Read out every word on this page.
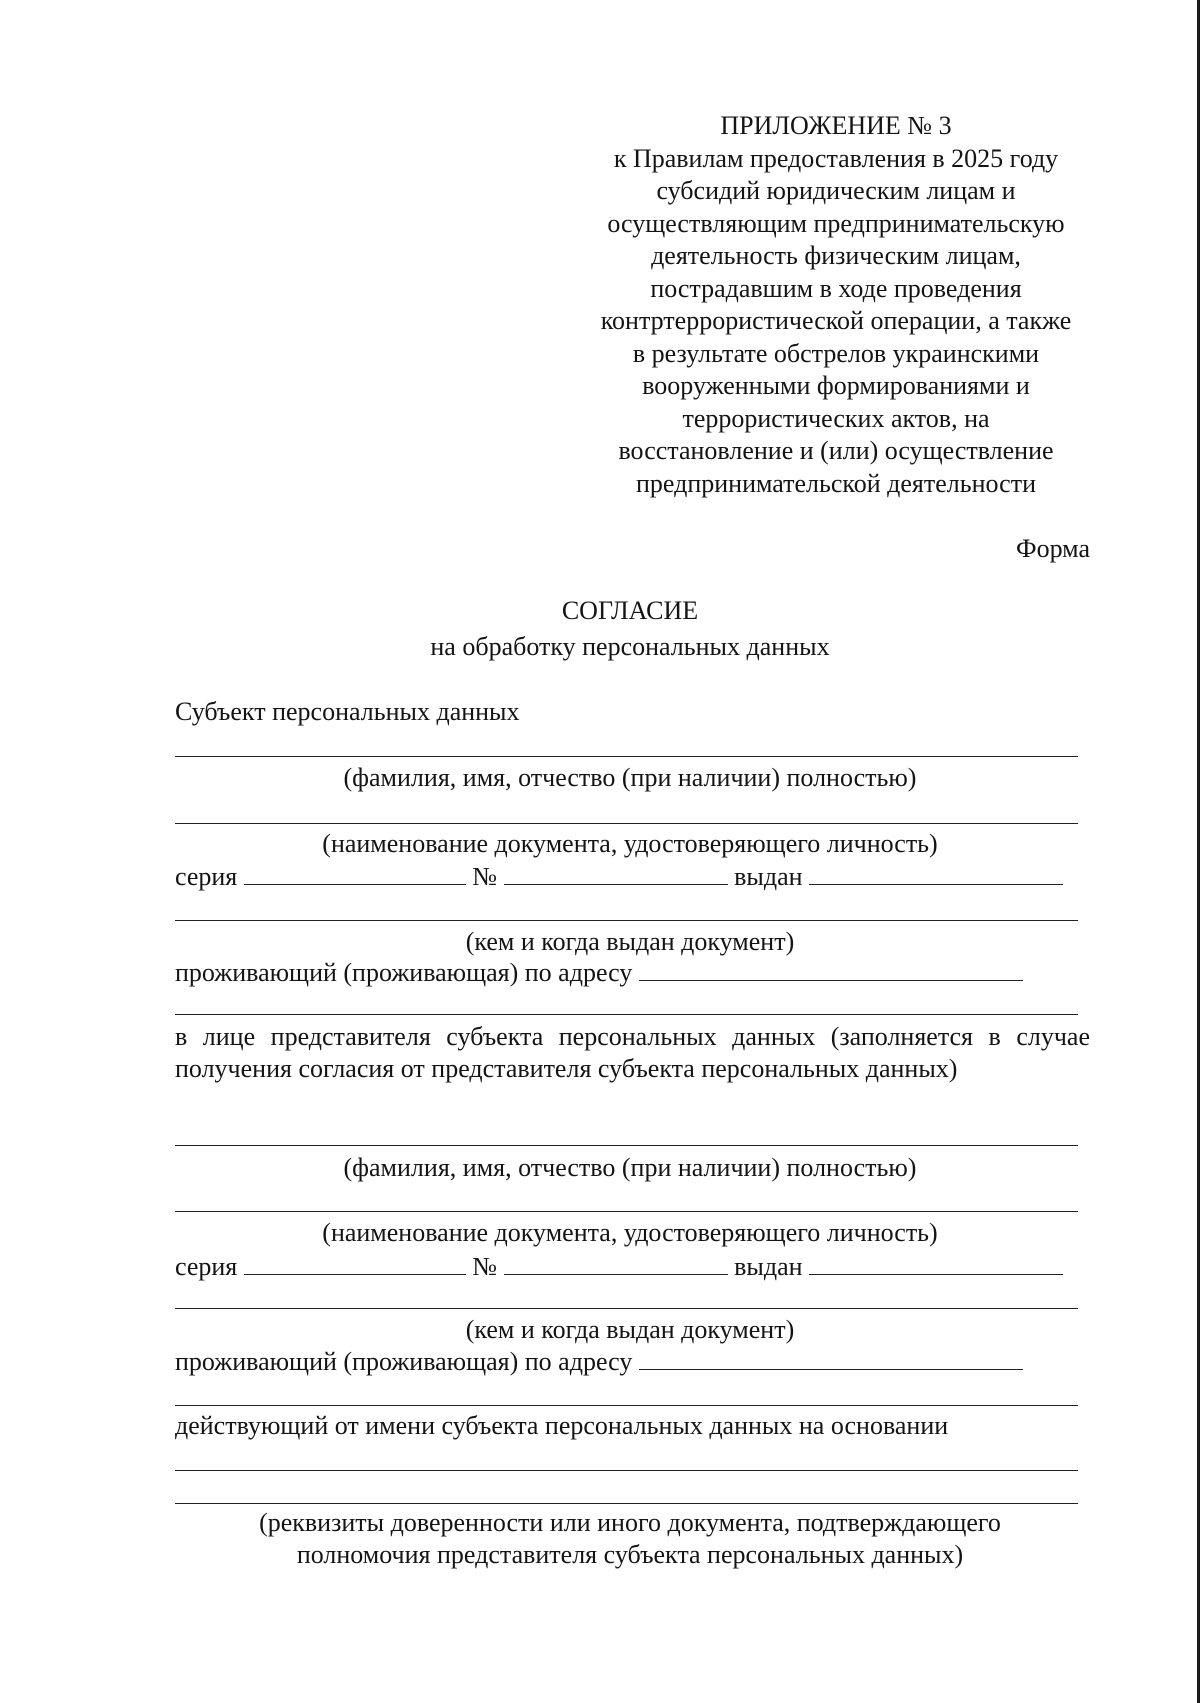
ПРИЛОЖЕНИЕ № 3
к Правилам предоставления в 2025 году
субсидий юридическим лицам и
осуществляющим предпринимательскую
деятельность физическим лицам,
пострадавшим в ходе проведения
контртеррористической операции, а также
в результате обстрелов украинскими
вооруженными формированиями и
террористических актов, на
восстановление и (или) осуществление
предпринимательской деятельности
Форма
СОГЛАСИЕ
на обработку персональных данных
Субъект персональных данных
(фамилия, имя, отчество (при наличии) полностью)
(наименование документа, удостоверяющего личность)
серия	№	выдан
(кем и когда выдан документ)
проживающий (проживающая) по адресу
в лице представителя субъекта персональных данных (заполняется в случае получения согласия от представителя субъекта персональных данных)
(фамилия, имя, отчество (при наличии) полностью)
(наименование документа, удостоверяющего личность)
серия	№	выдан
(кем и когда выдан документ)
проживающий (проживающая) по адресу
действующий от имени субъекта персональных данных на основании
(реквизиты доверенности или иного документа, подтверждающего
полномочия представителя субъекта персональных данных)
